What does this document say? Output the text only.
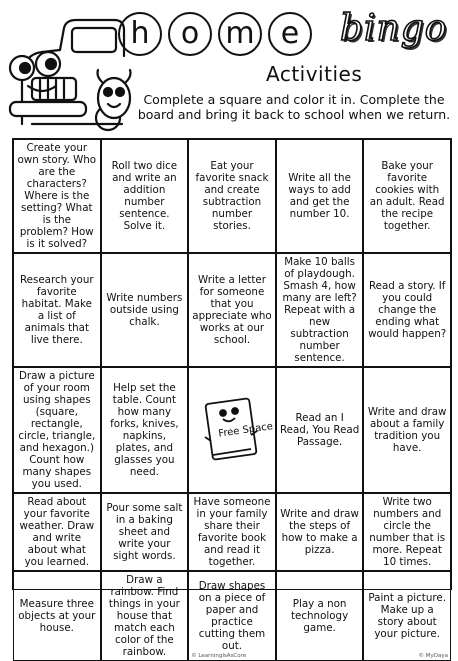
h	o m e	bingo
Activities
Complete a square and color it in. Complete the board and bring it back to school when we return.
Create your own story. Who are the characters? Where is the setting? What is the problem? How is it solved?
Roll two dice and write an addition number sentence. Solve it.
Eat your favorite snack and create subtraction number stories.
Write all the ways to add and get the number 10.
Bake your favorite cookies with an adult. Read the recipe together.
Research your favorite habitat. Make a list of animals that live there.
Write numbers outside using chalk.
Write a letter for someone that you appreciate who works at our school.
Make 10 balls of playdough. Smash 4, how many are left? Repeat with a new subtraction number sentence.
Read a story. If you could change the ending what would happen?
Draw a picture of your room using shapes (square, rectangle, circle, triangle, and hexagon.) Count how many shapes you used.
Help set the table. Count how many forks, knives, napkins, plates, and glasses you need.
Free Space
Read an I Read, You Read Passage.
Write and draw about a family tradition you have.
Read about your favorite weather. Draw and write about what you learned.
Pour some salt in a baking sheet and write your sight words.
Have someone in your family share their favorite book and read it together.
Write and draw the steps of how to make a pizza.
Write two numbers and circle the number that is more. Repeat 10 times.
Measure three objects at your house.
Draw a rainbow. Find things in your house that match each color of the rainbow.
Draw shapes on a piece of paper and practice cutting them out.
© LearningIsAsCore
Play a non technology game.
Paint a picture. Make up a story about your picture.
© MyDaya
